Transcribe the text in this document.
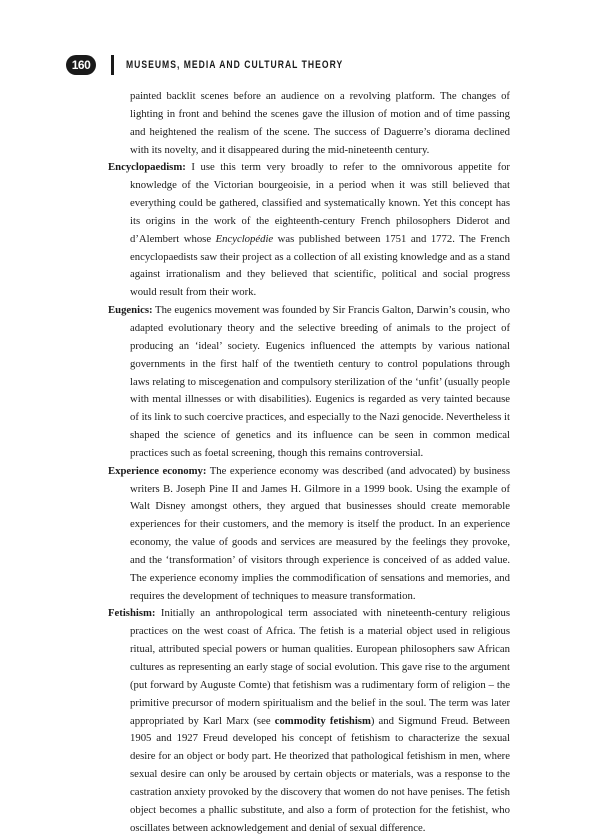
160	MUSEUMS, MEDIA AND CULTURAL THEORY

painted backlit scenes before an audience on a revolving platform. The changes of lighting in front and behind the scenes gave the illusion of motion and of time passing and heightened the realism of the scene. The success of Daguerre’s diorama declined with its novelty, and it disappeared during the mid-nineteenth century.

Encyclopaedism: I use this term very broadly to refer to the omnivorous appetite for knowledge of the Victorian bourgeoisie, in a period when it was still believed that everything could be gathered, classified and systematically known. Yet this concept has its origins in the work of the eighteenth-century French philosophers Diderot and d’Alembert whose Encyclopédie was published between 1751 and 1772. The French encyclopaedists saw their project as a collection of all existing knowledge and as a stand against irrationalism and they believed that scientific, political and social progress would result from their work.

Eugenics: The eugenics movement was founded by Sir Francis Galton, Darwin’s cousin, who adapted evolutionary theory and the selective breeding of animals to the project of producing an ‘ideal’ society. Eugenics influenced the attempts by various national governments in the first half of the twentieth century to control populations through laws relating to miscegenation and compulsory sterilization of the ‘unfit’ (usually people with mental illnesses or with disabilities). Eugenics is regarded as very tainted because of its link to such coercive practices, and especially to the Nazi genocide. Nevertheless it shaped the science of genetics and its influence can be seen in common medical practices such as foetal screening, though this remains controversial.

Experience economy: The experience economy was described (and advocated) by business writers B. Joseph Pine II and James H. Gilmore in a 1999 book. Using the example of Walt Disney amongst others, they argued that businesses should create memorable experiences for their customers, and the memory is itself the product. In an experience economy, the value of goods and services are measured by the feelings they provoke, and the ‘transformation’ of visitors through experience is conceived of as added value. The experience economy implies the commodification of sensations and memories, and requires the development of techniques to measure transformation.

Fetishism: Initially an anthropological term associated with nineteenth-century religious practices on the west coast of Africa. The fetish is a material object used in religious ritual, attributed special powers or human qualities. European philosophers saw African cultures as representing an early stage of social evolution. This gave rise to the argument (put forward by Auguste Comte) that fetishism was a rudimentary form of religion – the primitive precursor of modern spiritualism and the belief in the soul. The term was later appropriated by Karl Marx (see commodity fetishism) and Sigmund Freud. Between 1905 and 1927 Freud developed his concept of fetishism to characterize the sexual desire for an object or body part. He theorized that pathological fetishism in men, where sexual desire can only be aroused by certain objects or materials, was a response to the castration anxiety provoked by the discovery that women do not have penises. The fetish object becomes a phallic substitute, and also a form of protection for the fetishist, who oscillates between acknowledgement and denial of sexual difference.
